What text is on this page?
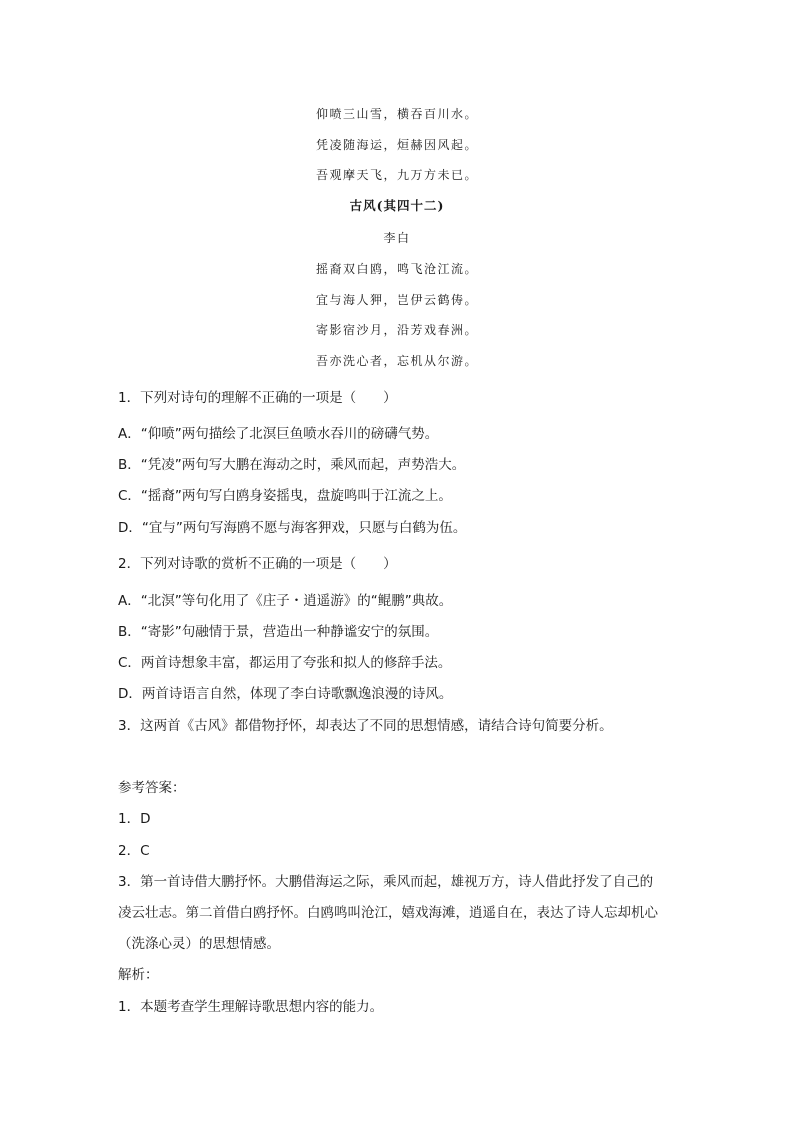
仰喷三山雪，横吞百川水。
凭凌随海运，烜赫因风起。
吾观摩天飞，九万方未已。
古风(其四十二)
李白
摇裔双白鸥，鸣飞沧江流。
宜与海人狎，岂伊云鹤俦。
寄影宿沙月，沿芳戏春洲。
吾亦洗心者，忘机从尔游。
1．下列对诗句的理解不正确的一项是（　　）
A．“仰喷”两句描绘了北溟巨鱼喷水吞川的磅礴气势。
B．“凭凌”两句写大鹏在海动之时，乘风而起，声势浩大。
C．“摇裔”两句写白鸥身姿摇曳，盘旋鸣叫于江流之上。
D．“宜与”两句写海鸥不愿与海客狎戏，只愿与白鹤为伍。
2．下列对诗歌的赏析不正确的一项是（　　）
A．“北溟”等句化用了《庄子・逍遥游》的“鲲鹏”典故。
B．“寄影”句融情于景，营造出一种静谧安宁的氛围。
C．两首诗想象丰富，都运用了夸张和拟人的修辞手法。
D．两首诗语言自然，体现了李白诗歌飘逸浪漫的诗风。
3．这两首《古风》都借物抒怀，却表达了不同的思想情感，请结合诗句简要分析。
参考答案：
1．D
2．C
3．第一首诗借大鹏抒怀。大鹏借海运之际，乘风而起，雄视万方，诗人借此抒发了自己的
凌云壮志。第二首借白鸥抒怀。白鸥鸣叫沧江，嬉戏海滩，逍遥自在，表达了诗人忘却机心
（洗涤心灵）的思想情感。
解析：
1．本题考查学生理解诗歌思想内容的能力。
